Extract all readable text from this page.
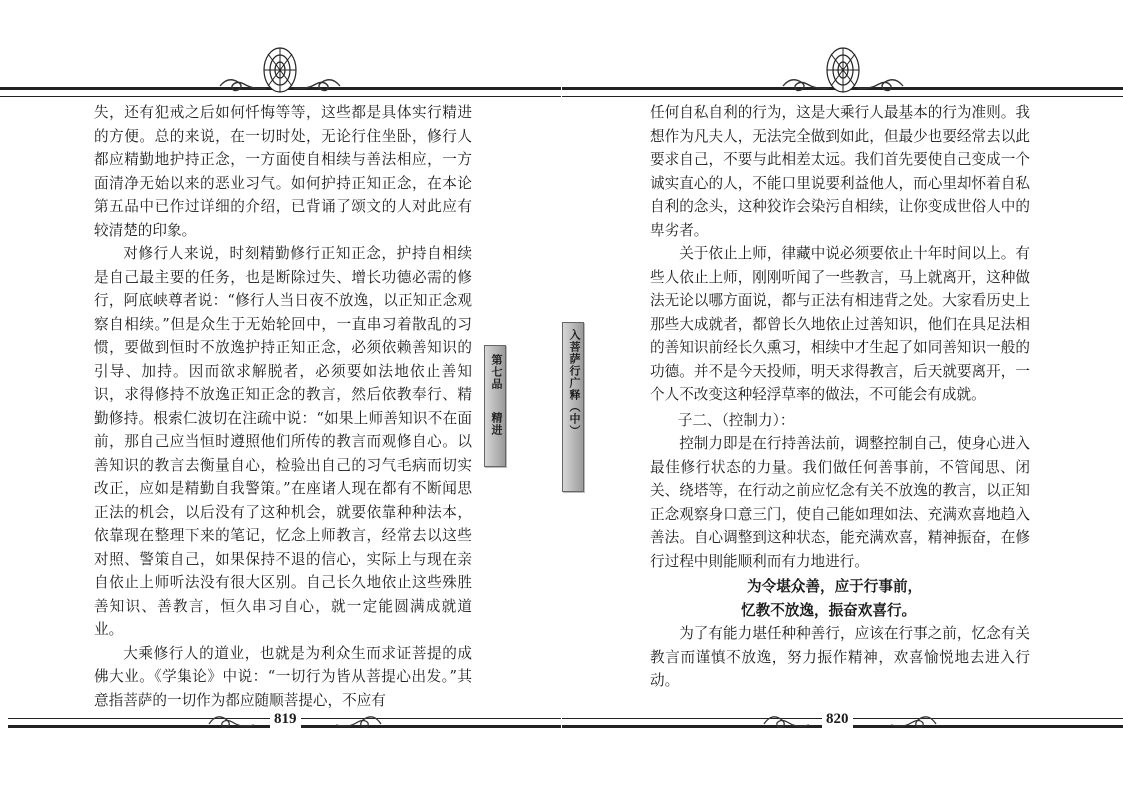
失，还有犯戒之后如何忏悔等等，这些都是具体实行精进的方便。总的来说，在一切时处，无论行住坐卧，修行人都应精勤地护持正念，一方面使自相续与善法相应，一方面清净无始以来的恶业习气。如何护持正知正念，在本论第五品中已作过详细的介绍，已背诵了颂文的人对此应有较清楚的印象。

对修行人来说，时刻精勤修行正知正念，护持自相续是自己最主要的任务，也是断除过失、增长功德必需的修行，阿底峡尊者说：“修行人当日夜不放逸，以正知正念观察自相续。”但是众生于无始轮回中，一直串习着散乱的习惯，要做到恒时不放逸护持正知正念，必须依赖善知识的引导、加持。因而欲求解脱者，必须要如法地依止善知识，求得修持不放逸正知正念的教言，然后依教奉行、精勤修持。根索仁波切在注疏中说：“如果上师善知识不在面前，那自己应当恒时遵照他们所传的教言而观修自心。以善知识的教言去衡量自心，检验出自己的习气毛病而切实改正，应如是精勤自我警策。”在座诸人现在都有不断闻思正法的机会，以后没有了这种机会，就要依靠种种法本，依靠现在整理下来的笔记，忆念上师教言，经常去以这些对照、警策自己，如果保持不退的信心，实际上与现在亲自依止上师听法没有很大区别。自己长久地依止这些殊胜善知识、善教言，恒久串习自心，就一定能圆满成就道业。

大乘修行人的道业，也就是为利众生而求证菩提的成佛大业。《学集论》中说：“一切行为皆从菩提心出发。”其意指菩萨的一切作为都应随顺菩提心，不应有

第七品
精进
819
入菩萨行广释（中）

任何自私自利的行为，这是大乘行人最基本的行为准则。我想作为凡夫人，无法完全做到如此，但最少也要经常去以此要求自己，不要与此相差太远。我们首先要使自己变成一个诚实直心的人，不能口里说要利益他人，而心里却怀着自私自利的念头，这种狡诈会染污自相续，让你变成世俗人中的卑劣者。

关于依止上师，律藏中说必须要依止十年时间以上。有些人依止上师，刚刚听闻了一些教言，马上就离开，这种做法无论以哪方面说，都与正法有相违背之处。大家看历史上那些大成就者，都曾长久地依止过善知识，他们在具足法相的善知识前经长久熏习，相续中才生起了如同善知识一般的功德。并不是今天投师，明天求得教言，后天就要离开，一个人不改变这种轻浮草率的做法，不可能会有成就。

子二、（控制力）：

控制力即是在行持善法前，调整控制自己，使身心进入最佳修行状态的力量。我们做任何善事前，不管闻思、闭关、绕塔等，在行动之前应忆念有关不放逸的教言，以正知正念观察身口意三门，使自己能如理如法、充满欢喜地趋入善法。自心调整到这种状态，能充满欢喜，精神振奋，在修行过程中則能顺利而有力地进行。

为令堪众善，应于行事前，
忆教不放逸，振奋欢喜行。

为了有能力堪任种种善行，应该在行事之前，忆念有关教言而谨慎不放逸，努力振作精神，欢喜愉悦地去进入行动。

820
